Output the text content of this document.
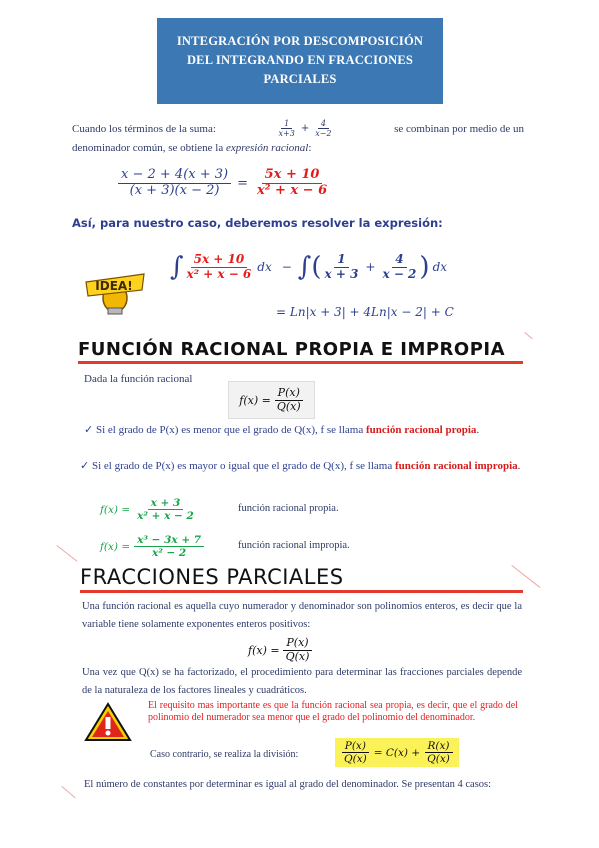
INTEGRACIÓN POR DESCOMPOSICIÓN
DEL INTEGRANDO EN FRACCIONES
PARCIALES
Cuando los términos de la suma:	$\frac{1}{x+3} + \frac{4}{x-2}$	se combinan por medio de un
denominador común, se obtiene la expresión racional:
$\frac{x - 2 + 4(x + 3)}{(x + 3)(x - 2)} = \frac{5x + 10}{\text{x² + x − 6}}$
Así, para nuestro caso, deberemos resolver la expresión:
IDEA!
∫ $\frac{5x + 10}{\text{x² + x − 6}}$ dx − ∫ ( $\frac{1}{x + 3} + \frac{4}{x - 2}$ ) dx
= Ln|x + 3| + 4Ln|x − 2| + C
FUNCIÓN RACIONAL PROPIA E IMPROPIA
Dada la función racional
$f(x) = \frac{P(x)}{Q(x)}$
✓ Si el grado de P(x) es menor que el grado de Q(x), f se llama función racional propia.
✓ Si el grado de P(x) es mayor o igual que el grado de Q(x), f se llama función racional impropia.
$f(x) = \frac{x + 3}{\text{x² + x − 2}}$	función racional propia.
$f(x) = \frac{\text{x³ − 3x + 7}}{\text{x² − 2}}$	función racional impropia.
FRACCIONES PARCIALES
Una función racional es aquella cuyo numerador y denominador son polinomios enteros, es decir que la variable tiene solamente exponentes enteros positivos:
$f(x) = \frac{P(x)}{Q(x)}$
Una vez que Q(x) se ha factorizado, el procedimiento para determinar las fracciones parciales depende de la naturaleza de los factores lineales y cuadráticos.
El requisito mas importante es que la función racional sea propia, es decir, que el grado del polinomio del numerador sea menor que el grado del polinomio del denominador.
Caso contrario, se realiza la división:	$\frac{P(x)}{Q(x)} = C(x) + \frac{R(x)}{Q(x)}$
El número de constantes por determinar es igual al grado del denominador. Se presentan 4 casos:
